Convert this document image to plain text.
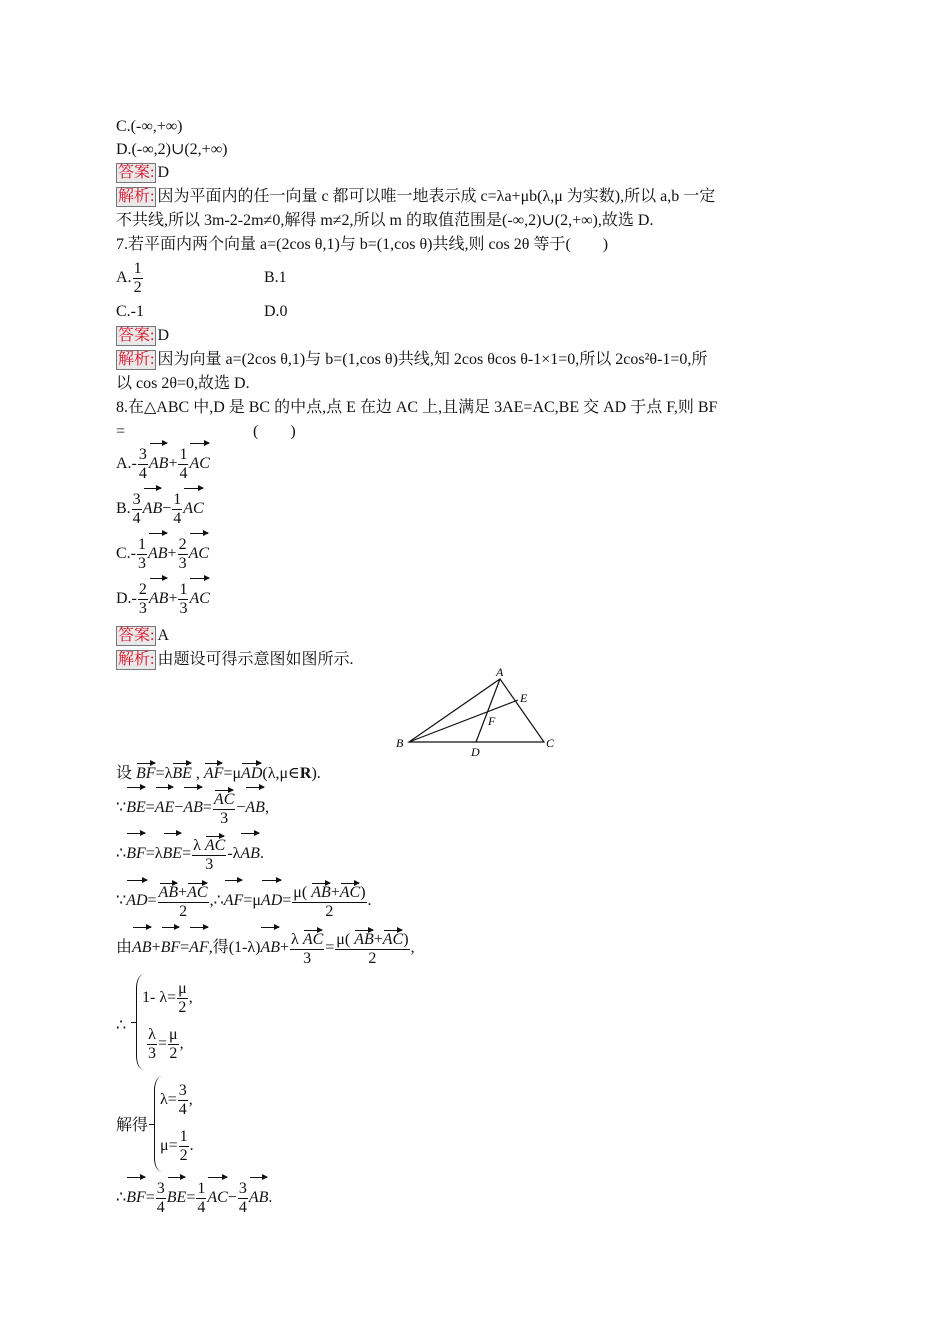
C.(-∞,+∞)
D.(-∞,2)∪(2,+∞)
答案: D
解析: 因为平面内的任一向量 c 都可以唯一地表示成 c=λa+μb(λ,μ 为实数),所以 a,b 一定
不共线,所以 3m-2-2m≠0,解得 m≠2,所以 m 的取值范围是(-∞,2)∪(2,+∞),故选 D.
7.若平面内两个向量 a=(2cos θ,1)与 b=(1,cos θ)共线,则 cos 2θ 等于(　　)
A. $\frac{1}{2}$	B.1
C.-1	D.0
答案: D
解析: 因为向量 a=(2cos θ,1)与 b=(1,cos θ)共线,知 2cos θcos θ-1×1=0,所以 2cos²θ-1=0,所
以 cos 2θ=0,故选 D.
8.在△ABC 中,D 是 BC 的中点,点 E 在边 AC 上,且满足 3AE=AC,BE 交 AD 于点 F,则 BF
=　　　　　　　　(　　)
$A.- \frac{3}{4} AB+ \frac{1}{4}$ AC
B. $\frac{3}{4} AB- \frac{1}{4}$ AC
$C.- \frac{1}{3} AB+ \frac{2}{3}$ AC
$D.- \frac{2}{3} AB+ \frac{1}{3}$ AC
答案: A
解析: 由题设可得示意图如图所示.
A
E
F
B
D
C
设 BF=λBE , AF=μAD(λ,μ∈R).
∵BE=AE−AB= $\frac{AC}{3} -AB$,
∴BF=λBE= $\frac{\text{λ AC}}{3} -\lambda AB$.
∵AD= $\frac{AB+AC}{2}$ ,∴AF=μAD= $\frac{\mu( AB+AC)}{2}$ .
由AB+BF=AF,得$(1-\lambda)AB+ \frac{\text{λ AC}}{3} = \frac{\mu( AB+AC)}{2}$ ,
∴
1- $\lambda= \frac{\mu}{2}$ ,
$\frac{\lambda}{3} = \frac{\mu}{2}$ ,
解得
$\lambda= \frac{3}{4}$ ,
$\mu= \frac{1}{2}$ .
∴BF= $\frac{3}{4} BE= \frac{1}{4} AC- \frac{3}{4}$ AB.
